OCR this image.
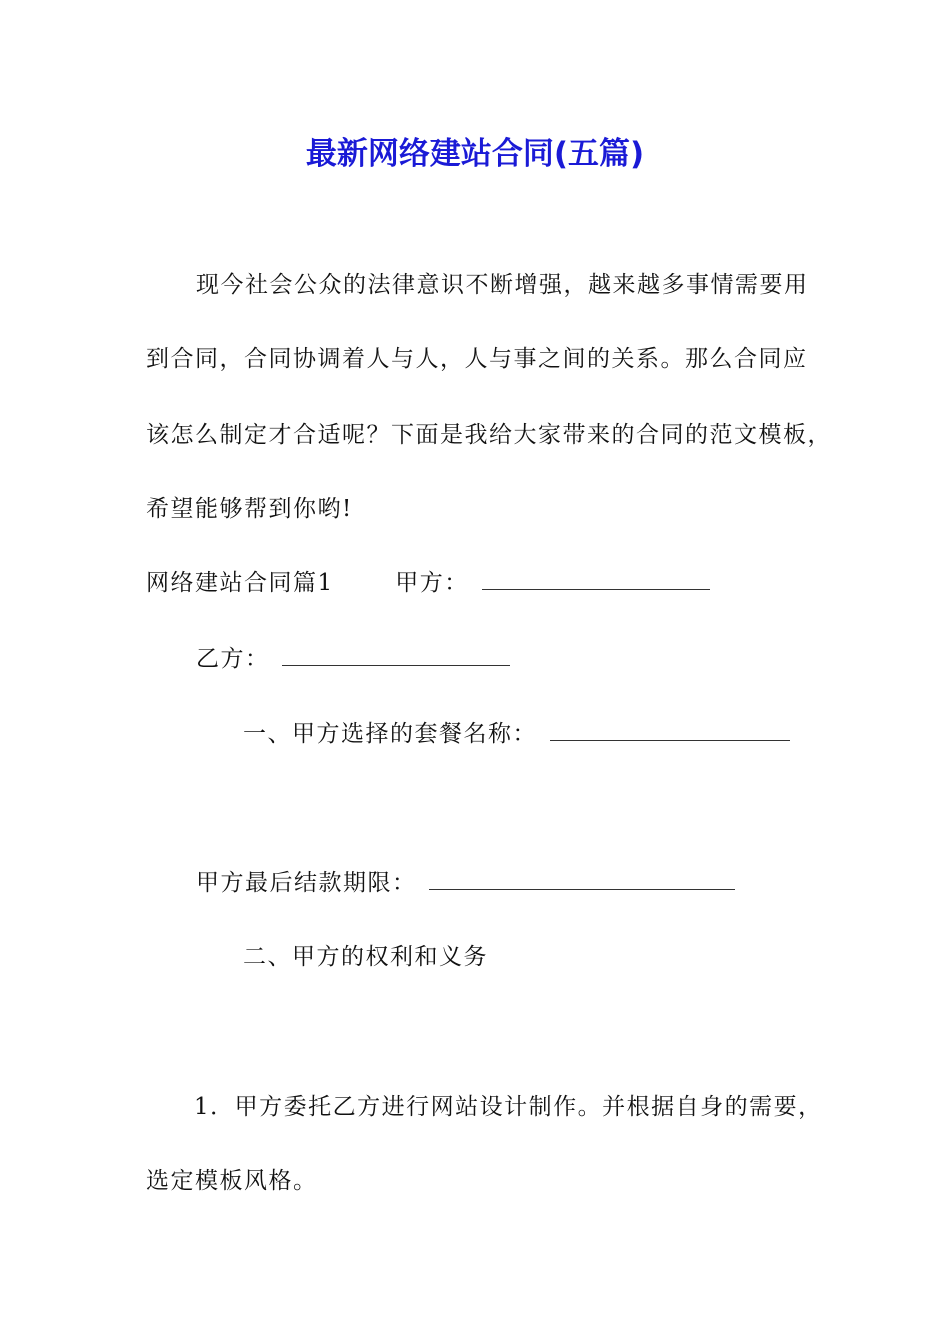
最新网络建站合同(五篇)
现今社会公众的法律意识不断增强，越来越多事情需要用
到合同，合同协调着人与人，人与事之间的关系。那么合同应
该怎么制定才合适呢？下面是我给大家带来的合同的范文模板，
希望能够帮到你哟!
网络建站合同篇1	甲方：
乙方：
一、甲方选择的套餐名称：
甲方最后结款期限：
二、甲方的权利和义务
1．甲方委托乙方进行网站设计制作。并根据自身的需要，
选定模板风格。
